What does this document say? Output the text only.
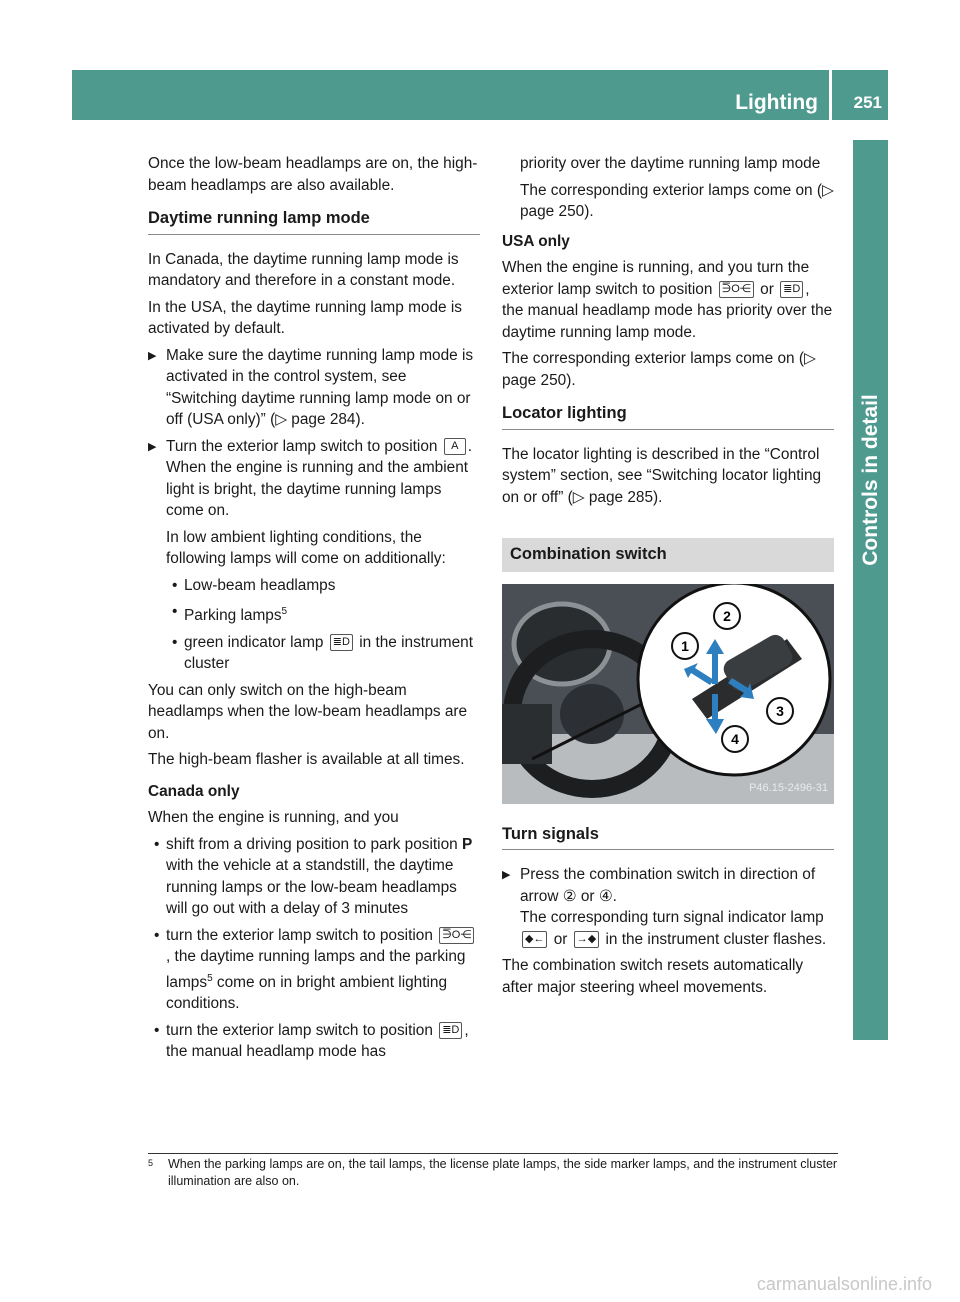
Lighting 251
Controls in detail

Once the low-beam headlamps are on, the high-beam headlamps are also available.

Daytime running lamp mode

In Canada, the daytime running lamp mode is mandatory and therefore in a constant mode.

In the USA, the daytime running lamp mode is activated by default.

▶ Make sure the daytime running lamp mode is activated in the control system, see “Switching daytime running lamp mode on or off (USA only)” (▷ page 284).
▶ Turn the exterior lamp switch to position A .
When the engine is running and the ambient light is bright, the daytime running lamps come on.

In low ambient lighting conditions, the following lamps will come on additionally:

• Low-beam headlamps
• Parking lamps$^5$
• green indicator lamp ≣D in the instrument cluster

You can only switch on the high-beam headlamps when the low-beam headlamps are on.

The high-beam flasher is available at all times.

Canada only

When the engine is running, and you

• shift from a driving position to park position P with the vehicle at a standstill, the daytime running lamps or the low-beam headlamps will go out with a delay of 3 minutes
• turn the exterior lamp switch to position ⋽O⋲, the daytime running lamps and the parking lamps$^5$ come on in bright ambient lighting conditions.
• turn the exterior lamp switch to position ≣D , the manual headlamp mode has

priority over the daytime running lamp mode

The corresponding exterior lamps come on (▷ page 250).

USA only

When the engine is running, and you turn the exterior lamp switch to position ⋽O⋲ or ≣D , the manual headlamp mode has priority over the daytime running lamp mode.

The corresponding exterior lamps come on (▷ page 250).

Locator lighting

The locator lighting is described in the “Control system” section, see “Switching locator lighting on or off” (▷ page 285).

Combination switch
2
1
3
4
P46.15-2496-31
Turn signals
▶ Press the combination switch in direction of arrow ② or ④.
The corresponding turn signal indicator lamp ◆← or →◆ in the instrument cluster flashes.

The combination switch resets automatically after major steering wheel movements.

5	When the parking lamps are on, the tail lamps, the license plate lamps, the side marker lamps, and the instrument cluster illumination are also on.
carmanualsonline.info
